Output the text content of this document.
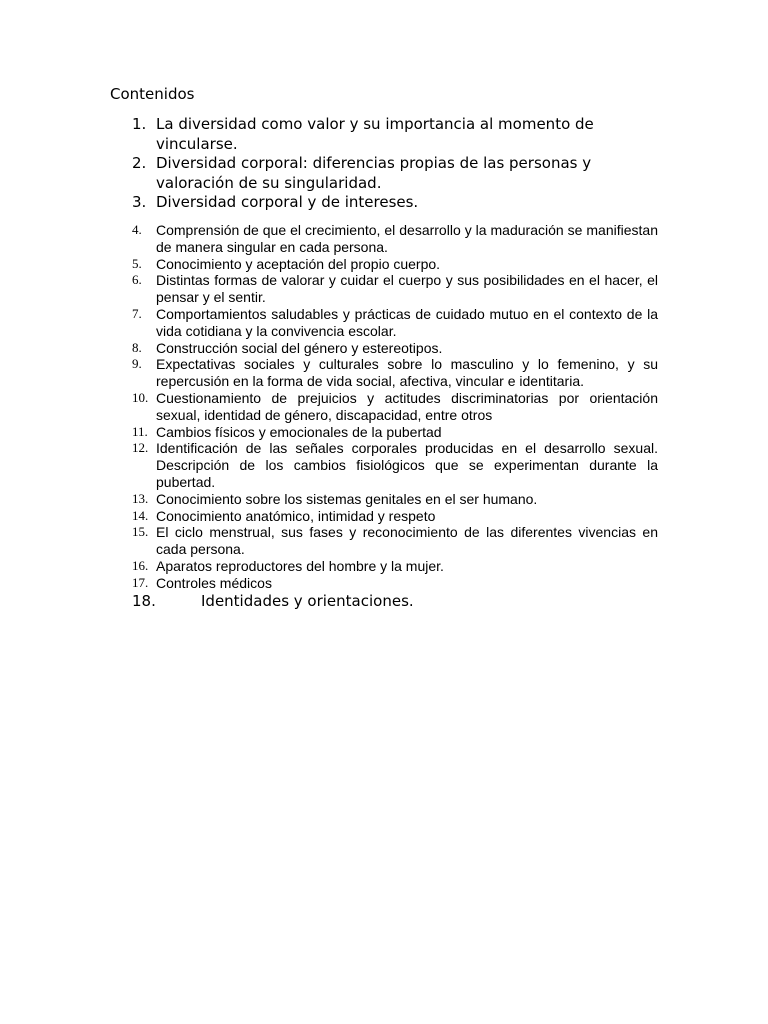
Contenidos
1. La diversidad como valor y su importancia al momento de vincularse.
2. Diversidad corporal: diferencias propias de las personas y valoración de su singularidad.
3. Diversidad corporal y de intereses.
4.	Comprensión de que el crecimiento, el desarrollo y la maduración se manifiestan de manera singular en cada persona.
5.	Conocimiento y aceptación del propio cuerpo.
6.	Distintas formas de valorar y cuidar el cuerpo y sus posibilidades en el hacer, el pensar y el sentir.
7.	Comportamientos saludables y prácticas de cuidado mutuo en el contexto de la vida cotidiana y la convivencia escolar.
8.	Construcción social del género y estereotipos.
9.	Expectativas sociales y culturales sobre lo masculino y lo femenino, y su repercusión en la forma de vida social, afectiva, vincular e identitaria.
10. Cuestionamiento de prejuicios y actitudes discriminatorias por orientación sexual, identidad de género, discapacidad, entre otros
11. Cambios físicos y emocionales de la pubertad
12. Identificación de las señales corporales producidas en el desarrollo sexual. Descripción de los cambios fisiológicos que se experimentan durante la pubertad.
13. Conocimiento sobre los sistemas genitales en el ser humano.
14. Conocimiento anatómico, intimidad y respeto
15. El ciclo menstrual, sus fases y reconocimiento de las diferentes vivencias en cada persona.
16. Aparatos reproductores del hombre y la mujer.
17. Controles médicos
18.	Identidades y orientaciones.
